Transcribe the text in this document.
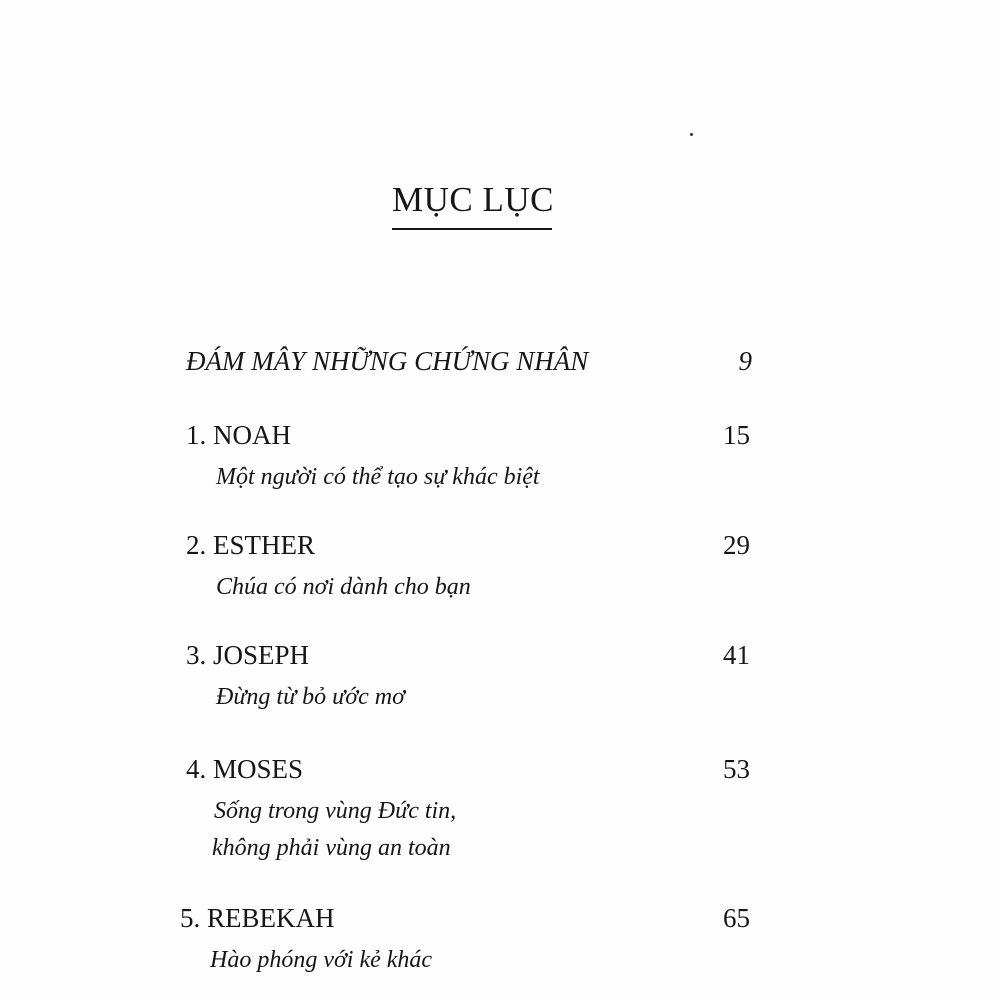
MỤC LỤC
ĐÁM MÂY NHỮNG CHỨNG NHÂN	9
1. NOAH	15
Một người có thể tạo sự khác biệt
2. ESTHER	29
Chúa có nơi dành cho bạn
3. JOSEPH	41
Đừng từ bỏ ước mơ
4. MOSES	53
Sống trong vùng Đức tin,
không phải vùng an toàn
5. REBEKAH	65
Hào phóng với kẻ khác
